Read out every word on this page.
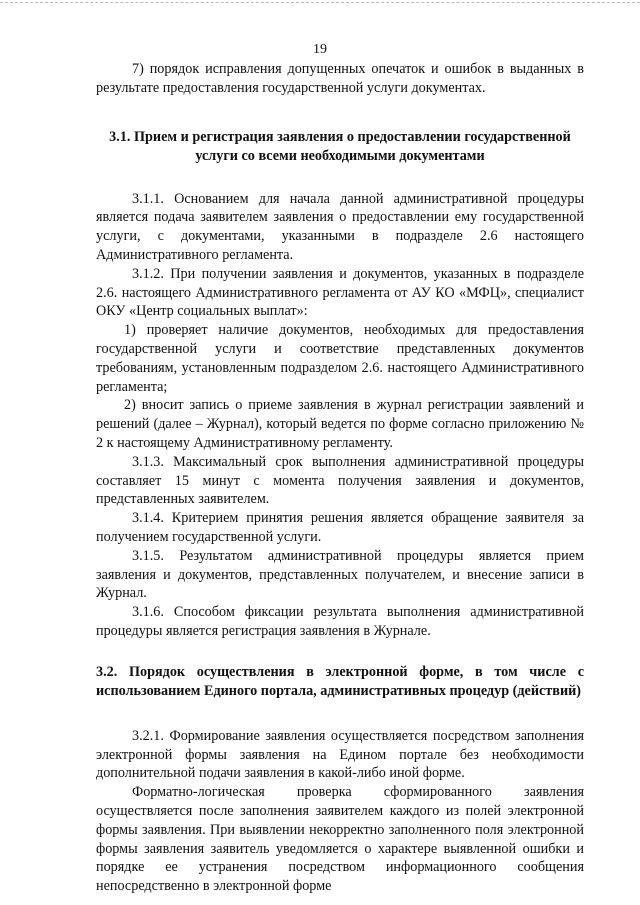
19

7) порядок исправления допущенных опечаток и ошибок в выданных в результате предоставления государственной услуги документах.

3.1. Прием и регистрация заявления о предоставлении государственной услуги со всеми необходимыми документами

3.1.1. Основанием для начала данной административной процедуры является подача заявителем заявления о предоставлении ему государственной услуги, с документами, указанными в подразделе 2.6 настоящего Административного регламента.

3.1.2. При получении заявления и документов, указанных в подразделе 2.6. настоящего Административного регламента от АУ КО «МФЦ», специалист ОКУ «Центр социальных выплат»:

1) проверяет наличие документов, необходимых для предоставления государственной услуги и соответствие представленных документов требованиям, установленным подразделом 2.6. настоящего Административного регламента;

2) вносит запись о приеме заявления в журнал регистрации заявлений и решений (далее – Журнал), который ведется по форме согласно приложению № 2 к настоящему Административному регламенту.

3.1.3. Максимальный срок выполнения административной процедуры составляет 15 минут с момента получения заявления и документов, представленных заявителем.

3.1.4. Критерием принятия решения является обращение заявителя за получением государственной услуги.

3.1.5. Результатом административной процедуры является прием заявления и документов, представленных получателем, и внесение записи в Журнал.

3.1.6. Способом фиксации результата выполнения административной процедуры является регистрация заявления в Журнале.

3.2. Порядок осуществления в электронной форме, в том числе с использованием Единого портала, административных процедур (действий)

3.2.1. Формирование заявления осуществляется посредством заполнения электронной формы заявления на Едином портале без необходимости дополнительной подачи заявления в какой-либо иной форме.

Форматно-логическая проверка сформированного заявления осуществляется после заполнения заявителем каждого из полей электронной формы заявления. При выявлении некорректно заполненного поля электронной формы заявления заявитель уведомляется о характере выявленной ошибки и порядке ее устранения посредством информационного сообщения непосредственно в электронной форме
